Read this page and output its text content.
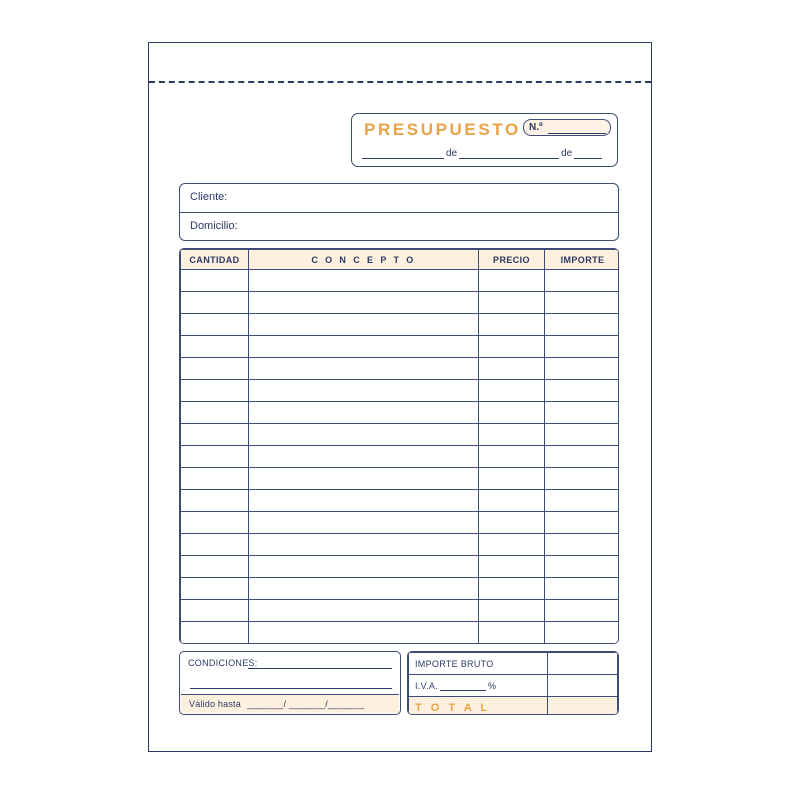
PRESUPUESTO N.º
de	de
Cliente:
Domicilio:
CANTIDAD	C O N C E P T O	PRECIO	IMPORTE

CONDICIONES:
Válido hasta _______/ _______/_______
IMPORTE BRUTO	
I.V.A. %	
T O T A L	
